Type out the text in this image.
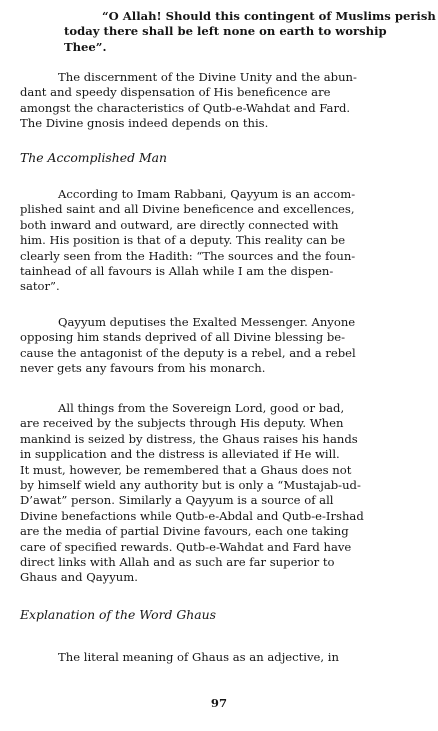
“O Allah! Should this contingent of Muslims perish
today there shall be left none on earth to worship
Thee”.

The discernment of the Divine Unity and the abun-
dant and speedy dispensation of His beneficence are
amongst the characteristics of Qutb-e-Wahdat and Fard.
The Divine gnosis indeed depends on this.

The Accomplished Man

According to Imam Rabbani, Qayyum is an accom-
plished saint and all Divine beneficence and excellences,
both inward and outward, are directly connected with
him. His position is that of a deputy. This reality can be
clearly seen from the Hadith: “The sources and the foun-
tainhead of all favours is Allah while I am the dispen-
sator”.

Qayyum deputises the Exalted Messenger. Anyone
opposing him stands deprived of all Divine blessing be-
cause the antagonist of the deputy is a rebel, and a rebel
never gets any favours from his monarch.

All things from the Sovereign Lord, good or bad,
are received by the subjects through His deputy. When
mankind is seized by distress, the Ghaus raises his hands
in supplication and the distress is alleviated if He will.
It must, however, be remembered that a Ghaus does not
by himself wield any authority but is only a “Mustajab-ud-
D’awat” person. Similarly a Qayyum is a source of all
Divine benefactions while Qutb-e-Abdal and Qutb-e-Irshad
are the media of partial Divine favours, each one taking
care of specified rewards. Qutb-e-Wahdat and Fard have
direct links with Allah and as such are far superior to
Ghaus and Qayyum.

Explanation of the Word Ghaus

The literal meaning of Ghaus as an adjective, in

97
